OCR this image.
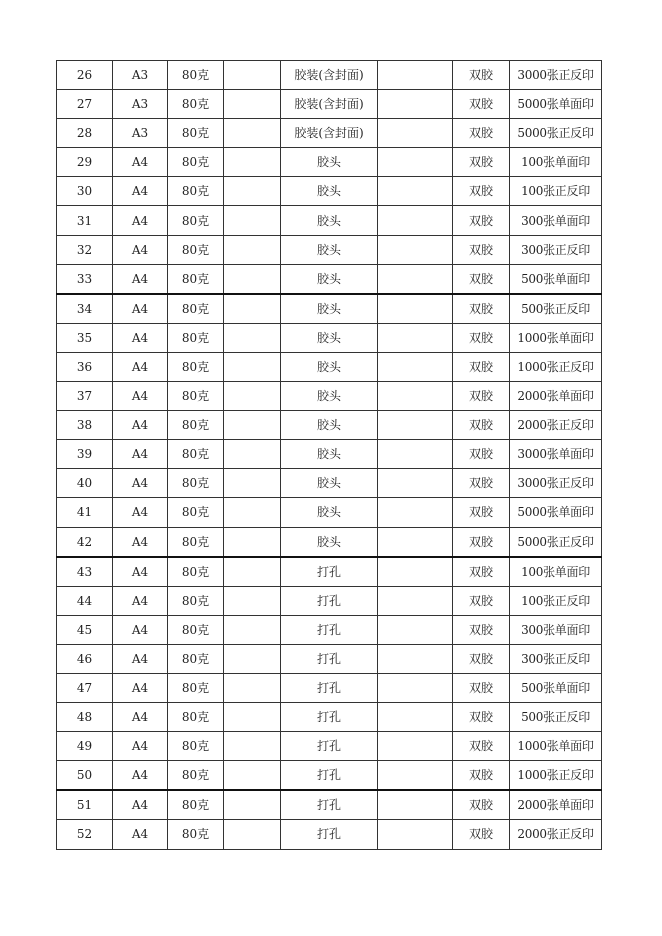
26	A3	80克		胶装(含封面)		双胶	3000张正反印
27	A3	80克		胶装(含封面)		双胶	5000张单面印
28	A3	80克		胶装(含封面)		双胶	5000张正反印
29	A4	80克		胶头		双胶	100张单面印
30	A4	80克		胶头		双胶	100张正反印
31	A4	80克		胶头		双胶	300张单面印
32	A4	80克		胶头		双胶	300张正反印
33	A4	80克		胶头		双胶	500张单面印
34	A4	80克		胶头		双胶	500张正反印
35	A4	80克		胶头		双胶	1000张单面印
36	A4	80克		胶头		双胶	1000张正反印
37	A4	80克		胶头		双胶	2000张单面印
38	A4	80克		胶头		双胶	2000张正反印
39	A4	80克		胶头		双胶	3000张单面印
40	A4	80克		胶头		双胶	3000张正反印
41	A4	80克		胶头		双胶	5000张单面印
42	A4	80克		胶头		双胶	5000张正反印
43	A4	80克		打孔		双胶	100张单面印
44	A4	80克		打孔		双胶	100张正反印
45	A4	80克		打孔		双胶	300张单面印
46	A4	80克		打孔		双胶	300张正反印
47	A4	80克		打孔		双胶	500张单面印
48	A4	80克		打孔		双胶	500张正反印
49	A4	80克		打孔		双胶	1000张单面印
50	A4	80克		打孔		双胶	1000张正反印
51	A4	80克		打孔		双胶	2000张单面印
52	A4	80克		打孔		双胶	2000张正反印
